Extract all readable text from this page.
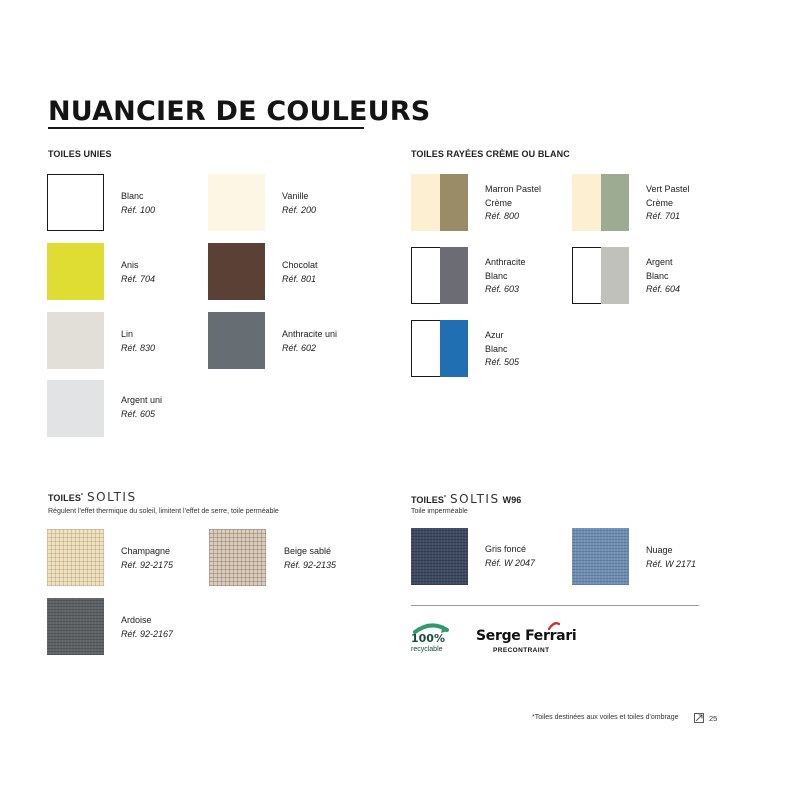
NUANCIER DE COULEURS
TOILES UNIES	TOILES RAYÉES CRÈME OU BLANC
Blanc
Réf. 100
Vanille
Réf. 200
Anis
Réf. 704
Chocolat
Réf. 801
Lin
Réf. 830
Anthracite uni
Réf. 602
Argent uni
Réf. 605
Marron Pastel
Crème
Réf. 800
Vert Pastel
Crème
Réf. 701
Anthracite
Blanc
Réf. 603
Argent
Blanc
Réf. 604
Azur
Blanc
Réf. 505
TOILES* SOLTIS
Régulent l'effet thermique du soleil, limitent l'effet de serre, toile perméable
Champagne
Réf. 92-2175
Beige sablé
Réf. 92-2135
Ardoise
Réf. 92-2167
TOILES* SOLTIS W96
Toile imperméable
Gris foncé
Réf. W 2047
Nuage
Réf. W 2171
100%
recyclable
Serge Ferrari
PRECONTRAINT
*Toiles destinées aux voiles et toiles d'ombrage	25
